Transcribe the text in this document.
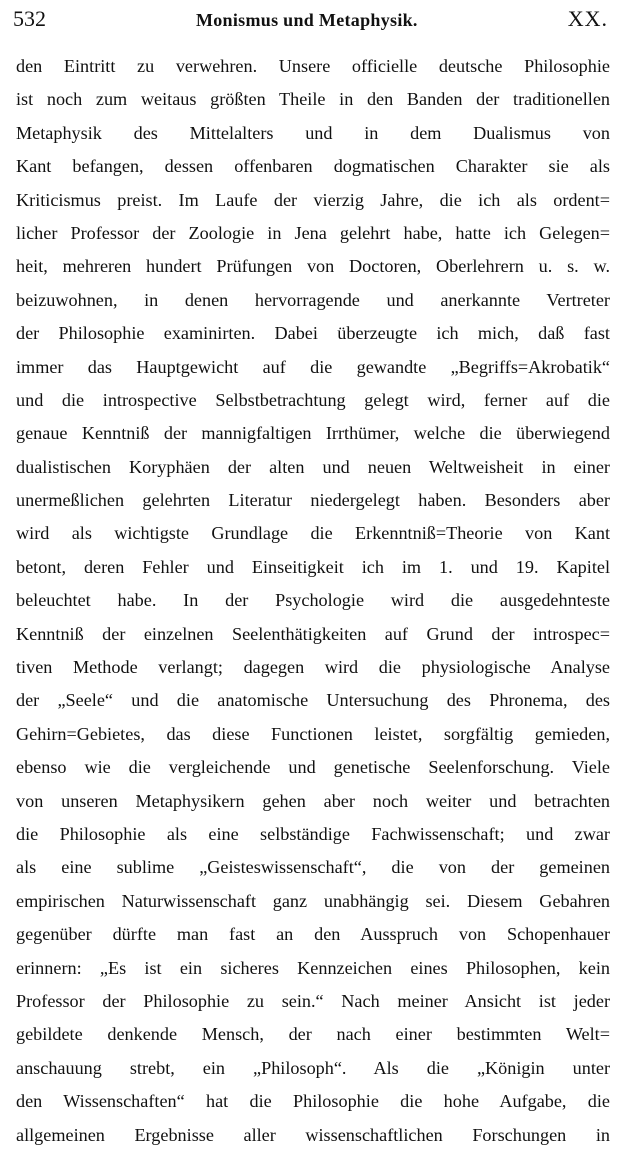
532	Monismus und Metaphysik.	XX.
den Eintritt zu verwehren. Unsere officielle deutsche Philosophie
ist noch zum weitaus größten Theile in den Banden der traditionellen
Metaphysik des Mittelalters und in dem Dualismus von
Kant befangen, dessen offenbaren dogmatischen Charakter sie als
Kriticismus preist. Im Laufe der vierzig Jahre, die ich als ordent=
licher Professor der Zoologie in Jena gelehrt habe, hatte ich Gelegen=
heit, mehreren hundert Prüfungen von Doctoren, Oberlehrern u. s. w.
beizuwohnen, in denen hervorragende und anerkannte Vertreter
der Philosophie examinirten. Dabei überzeugte ich mich, daß fast
immer das Hauptgewicht auf die gewandte „Begriffs=Akrobatik“
und die introspective Selbstbetrachtung gelegt wird, ferner auf die
genaue Kenntniß der mannigfaltigen Irrthümer, welche die überwiegend
dualistischen Koryphäen der alten und neuen Weltweisheit in einer
unermeßlichen gelehrten Literatur niedergelegt haben. Besonders aber
wird als wichtigste Grundlage die Erkenntniß=Theorie von Kant
betont, deren Fehler und Einseitigkeit ich im 1. und 19. Kapitel
beleuchtet habe. In der Psychologie wird die ausgedehnteste
Kenntniß der einzelnen Seelenthätigkeiten auf Grund der introspec=
tiven Methode verlangt; dagegen wird die physiologische Analyse
der „Seele“ und die anatomische Untersuchung des Phronema, des
Gehirn=Gebietes, das diese Functionen leistet, sorgfältig gemieden,
ebenso wie die vergleichende und genetische Seelenforschung. Viele
von unseren Metaphysikern gehen aber noch weiter und betrachten
die Philosophie als eine selbständige Fachwissenschaft; und zwar
als eine sublime „Geisteswissenschaft“, die von der gemeinen
empirischen Naturwissenschaft ganz unabhängig sei. Diesem Gebahren
gegenüber dürfte man fast an den Ausspruch von Schopenhauer
erinnern: „Es ist ein sicheres Kennzeichen eines Philosophen, kein
Professor der Philosophie zu sein.“ Nach meiner Ansicht ist jeder
gebildete denkende Mensch, der nach einer bestimmten Welt=
anschauung strebt, ein „Philosoph“. Als die „Königin unter
den Wissenschaften“ hat die Philosophie die hohe Aufgabe, die
allgemeinen Ergebnisse aller wissenschaftlichen Forschungen in
